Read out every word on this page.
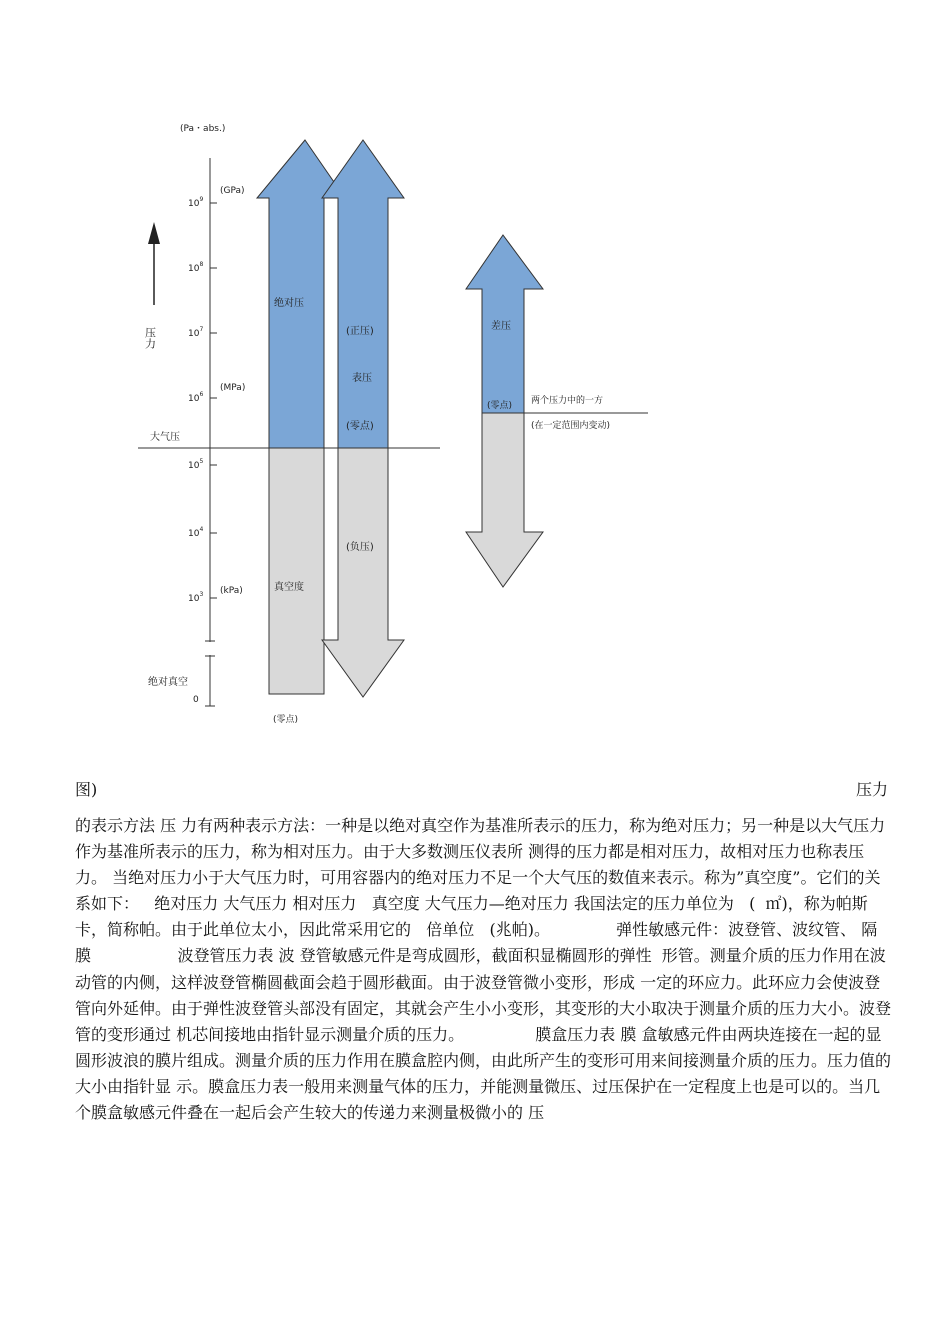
(Pa・abs.)
$10^9$
$10^8$
$10^7$
$10^6$
$10^5$
$10^4$
$10^3$
0
(GPa)
(MPa)
(kPa)
压力
大气压
绝对真空
绝对压
真空度
(零点)
(正压)
表压
(零点)
(负压)
差压
(零点) 两个压力中的一方
(在一定范围内变动)
图)	压力

的表示方法 压 力有两种表示方法：一种是以绝对真空作为基准所表示的压力，称为绝对压力；另一种是以大气压力作为基准所表示的压力，称为相对压力。由于大多数测压仪表所 测得的压力都是相对压力，故相对压力也称表压力。 当绝对压力小于大气压力时，可用容器内的绝对压力不足一个大气压的数值来表示。称为”真空度”。它们的关系如下：   绝对压力 大气压力 相对压力   真空度 大气压力—绝对压力 我国法定的压力单位为   (  ㎡)，称为帕斯卡，简称帕。由于此单位太小，因此常采用它的   倍单位   (兆帕)。             弹性敏感元件：波登管、波纹管、 隔膜                 波登管压力表 波 登管敏感元件是弯成圆形，截面积显椭圆形的弹性  形管。测量介质的压力作用在波动管的内侧，这样波登管椭圆截面会趋于圆形截面。由于波登管微小变形，形成 一定的环应力。此环应力会使波登管向外延伸。由于弹性波登管头部没有固定，其就会产生小小变形，其变形的大小取决于测量介质的压力大小。波登管的变形通过 机芯间接地由指针显示测量介质的压力。              膜盒压力表 膜 盒敏感元件由两块连接在一起的显圆形波浪的膜片组成。测量介质的压力作用在膜盒腔内侧，由此所产生的变形可用来间接测量介质的压力。压力值的大小由指针显 示。膜盒压力表一般用来测量气体的压力，并能测量微压、过压保护在一定程度上也是可以的。当几个膜盒敏感元件叠在一起后会产生较大的传递力来测量极微小的 压
